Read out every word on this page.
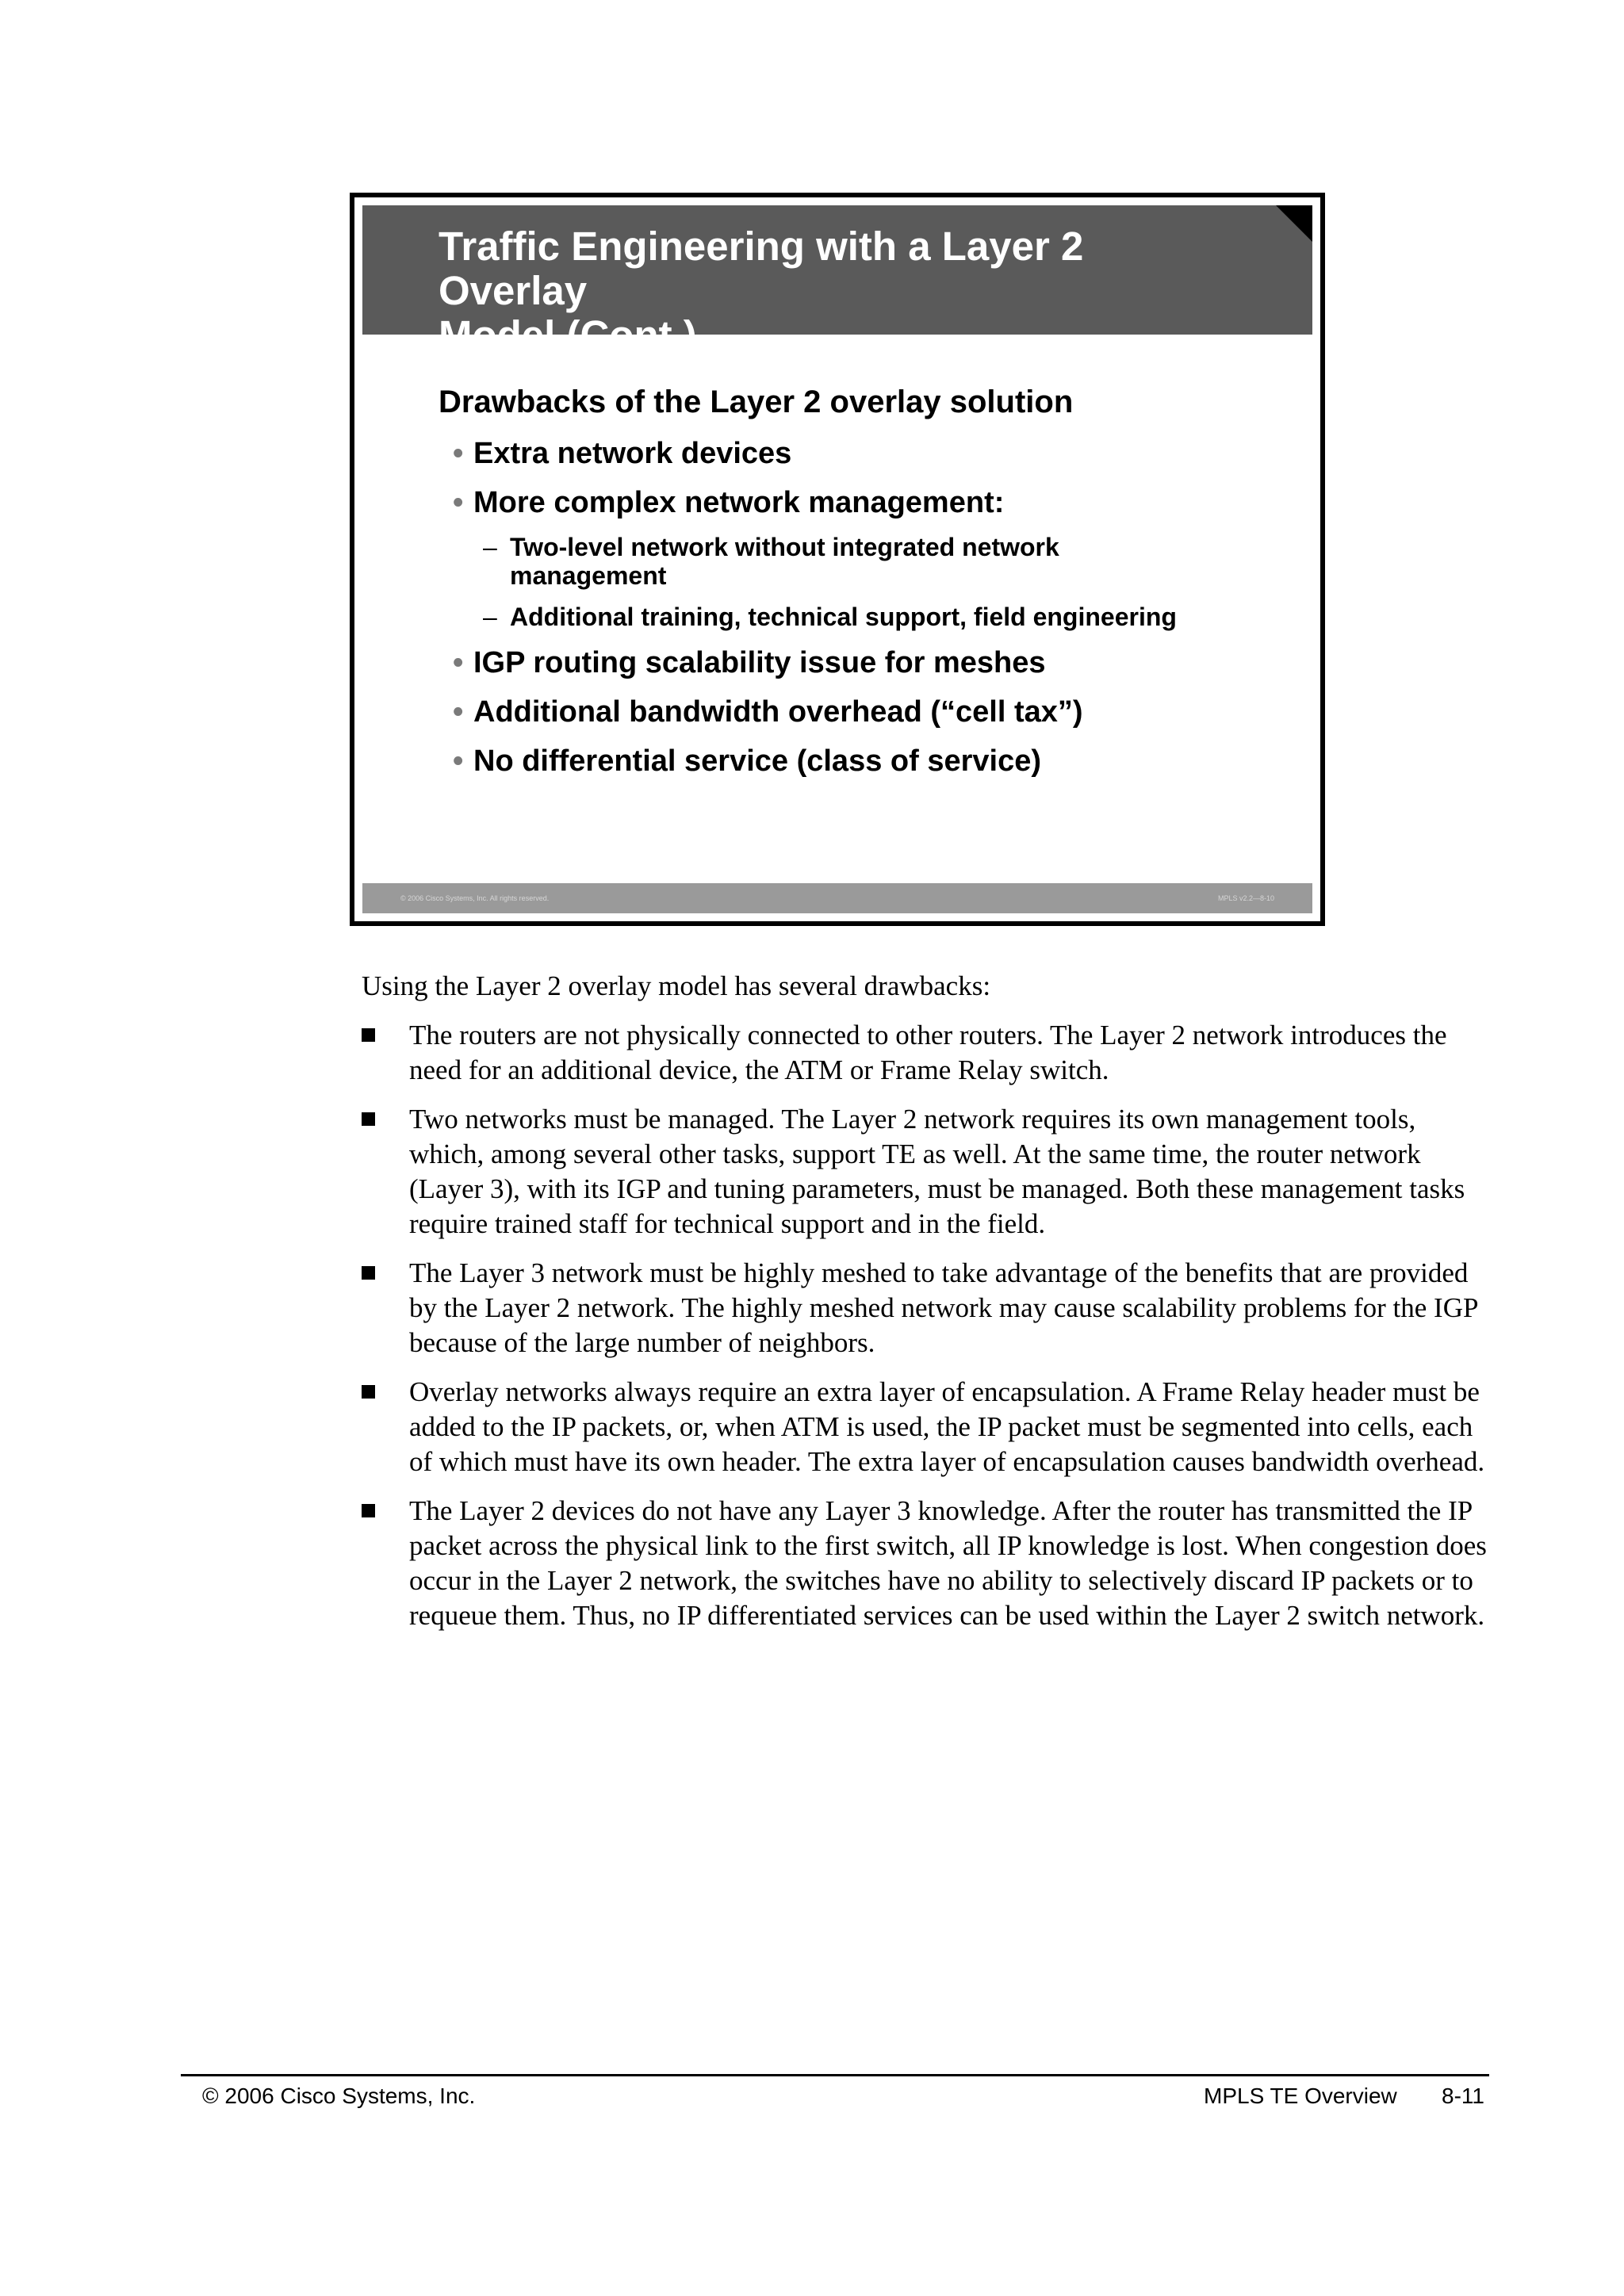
Traffic Engineering with a Layer 2 Overlay
Model (Cont.)
Drawbacks of the Layer 2 overlay solution
• Extra network devices
• More complex network management:
– Two-level network without integrated network management
– Additional training, technical support, field engineering
• IGP routing scalability issue for meshes
• Additional bandwidth overhead (“cell tax”)
• No differential service (class of service)
© 2006 Cisco Systems, Inc. All rights reserved.	MPLS v2.2—8-10

Using the Layer 2 overlay model has several drawbacks:

The routers are not physically connected to other routers. The Layer 2 network introduces the need for an additional device, the ATM or Frame Relay switch.
Two networks must be managed. The Layer 2 network requires its own management tools, which, among several other tasks, support TE as well. At the same time, the router network (Layer 3), with its IGP and tuning parameters, must be managed. Both these management tasks require trained staff for technical support and in the field.
The Layer 3 network must be highly meshed to take advantage of the benefits that are provided by the Layer 2 network. The highly meshed network may cause scalability problems for the IGP because of the large number of neighbors.
Overlay networks always require an extra layer of encapsulation. A Frame Relay header must be added to the IP packets, or, when ATM is used, the IP packet must be segmented into cells, each of which must have its own header. The extra layer of encapsulation causes bandwidth overhead.
The Layer 2 devices do not have any Layer 3 knowledge. After the router has transmitted the IP packet across the physical link to the first switch, all IP knowledge is lost. When congestion does occur in the Layer 2 network, the switches have no ability to selectively discard IP packets or to requeue them. Thus, no IP differentiated services can be used within the Layer 2 switch network.
© 2006 Cisco Systems, Inc.	MPLS TE Overview 8-11
